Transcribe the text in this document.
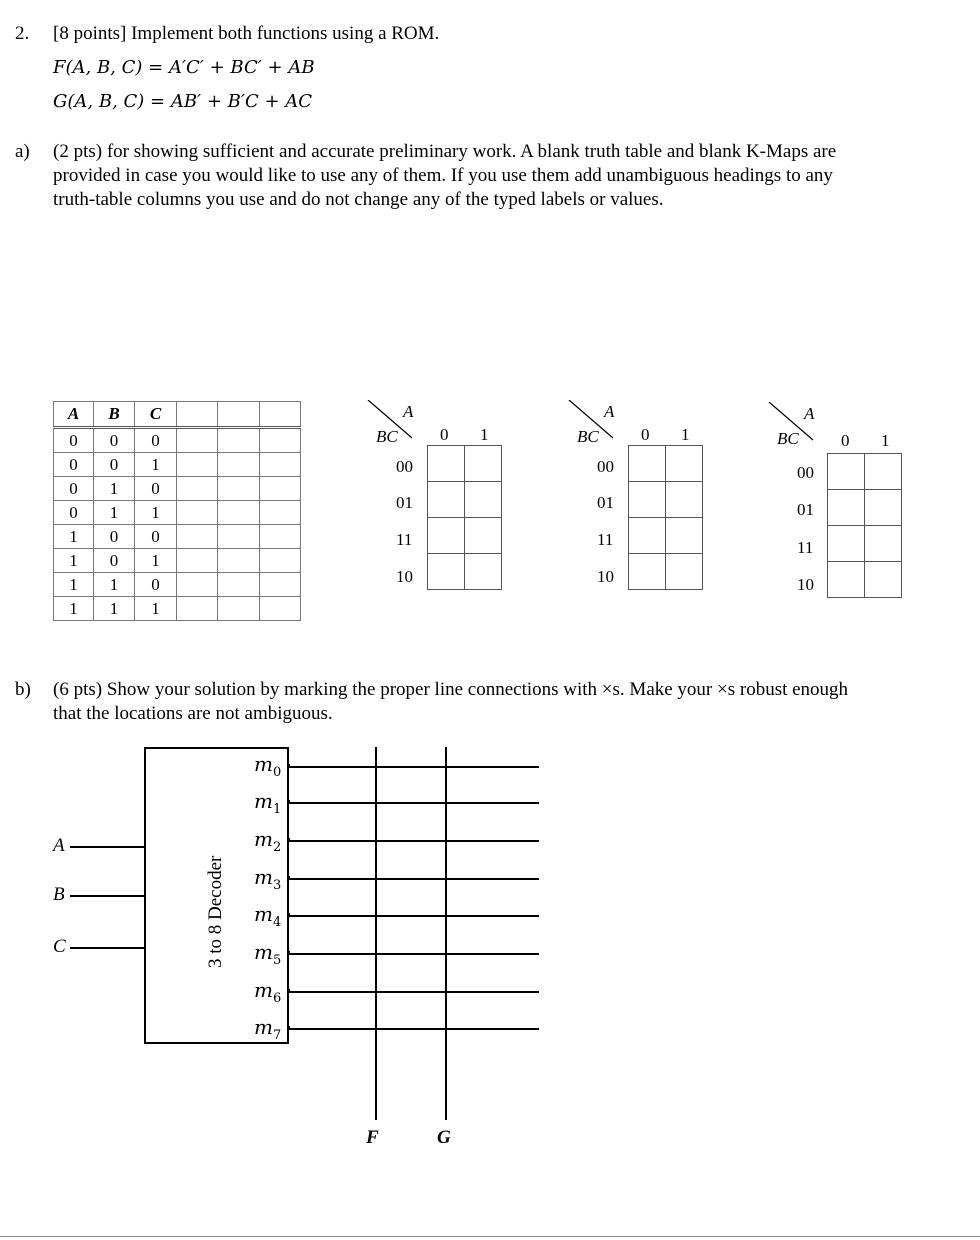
2. [8 points] Implement both functions using a ROM.
F(A, B, C) = A′C′ + BC′ + AB
G(A, B, C) = AB′ + B′C + AC
a) (2 pts) for showing sufficient and accurate preliminary work. A blank truth table and blank K-Maps are
provided in case you would like to use any of them. If you use them add unambiguous headings to any
truth-table columns you use and do not change any of the typed labels or values.
A	B	C			
0	0	0			
0	0	1			
0	1	0			
0	1	1			
1	0	0			
1	0	1			
1	1	0			
1	1	1			
A
BC 0 1
00
01
11
10

A
BC 0 1
00
01
11
10

A
BC 0 1
00
01
11
10

b) (6 pts) Show your solution by marking the proper line connections with ×s. Make your ×s robust enough
that the locations are not ambiguous.
3 to 8 Decoder
A
B
C
$m_0$
$m_1$
$m_2$
$m_3$
$m_4$
$m_5$
$m_6$
$m_7$
F	G
